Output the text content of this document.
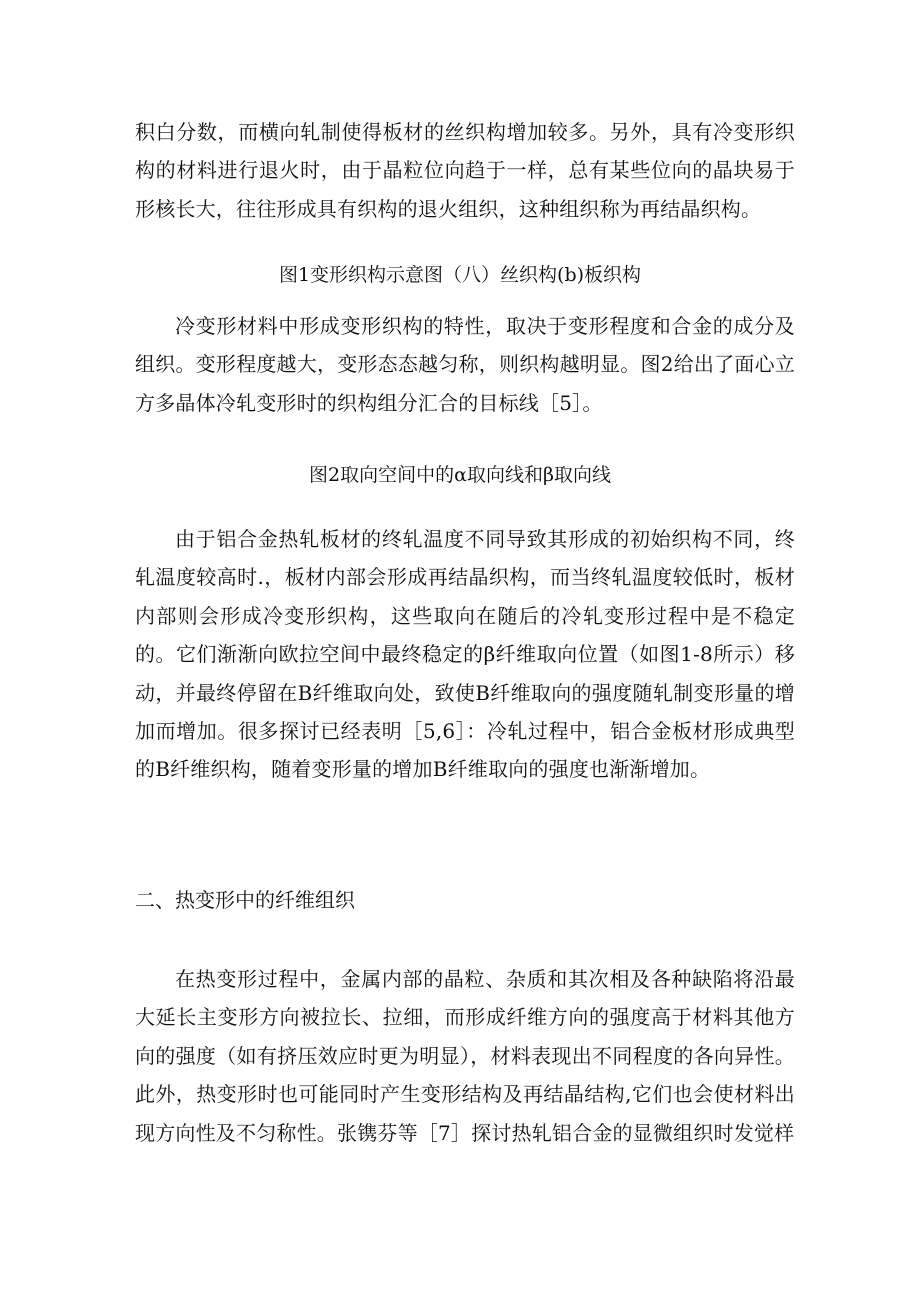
积白分数，而横向轧制使得板材的丝织构增加较多。另外，具有冷变形织构的材料进行退火时，由于晶粒位向趋于一样，总有某些位向的晶块易于形核长大，往往形成具有织构的退火组织，这种组织称为再结晶织构。

图1变形织构示意图（八）丝织构(b)板织构

冷变形材料中形成变形织构的特性，取决于变形程度和合金的成分及组织。变形程度越大，变形态态越匀称，则织构越明显。图2给出了面心立方多晶体冷轧变形时的织构组分汇合的目标线［5］。

图2取向空间中的α取向线和β取向线

由于铝合金热轧板材的终轧温度不同导致其形成的初始织构不同，终轧温度较高时.，板材内部会形成再结晶织构，而当终轧温度较低时，板材内部则会形成冷变形织构，这些取向在随后的冷轧变形过程中是不稳定的。它们渐渐向欧拉空间中最终稳定的β纤维取向位置（如图1-8所示）移动，并最终停留在B纤维取向处，致使B纤维取向的强度随轧制变形量的增加而增加。很多探讨已经表明［5,6］：冷轧过程中，铝合金板材形成典型的B纤维织构，随着变形量的增加B纤维取向的强度也渐渐增加。

二、热变形中的纤维组织

在热变形过程中，金属内部的晶粒、杂质和其次相及各种缺陷将沿最大延长主变形方向被拉长、拉细，而形成纤维方向的强度高于材料其他方向的强度（如有挤压效应时更为明显），材料表现出不同程度的各向异性。此外，热变形时也可能同时产生变形结构及再结晶结构,它们也会使材料出现方向性及不匀称性。张镌芬等［7］探讨热轧铝合金的显微组织时发觉样
